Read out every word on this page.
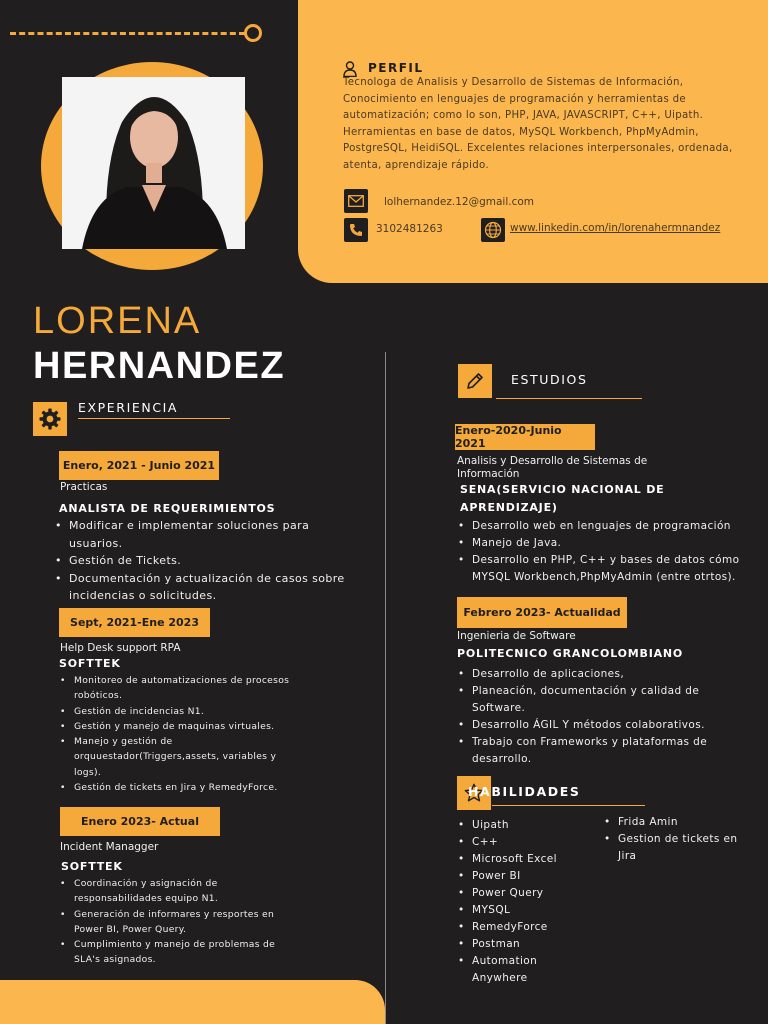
PERFIL
Tecnologa de Analisis y Desarrollo de Sistemas de Información, Conocimiento en lenguajes de programación y herramientas de automatización; como lo son, PHP, JAVA, JAVASCRIPT, C++, Uipath. Herramientas en base de datos, MySQL Workbench, PhpMyAdmin, PostgreSQL, HeidiSQL. Excelentes relaciones interpersonales, ordenada, atenta, aprendizaje rápido.
lolhernandez.12@gmail.com
3102481263	www.linkedin.com/in/lorenahermnandez
LORENA
HERNANDEZ
EXPERIENCIA
Enero, 2021 - Junio 2021
Practicas
ANALISTA DE REQUERIMIENTOS
• Modificar e implementar soluciones para usuarios.
• Gestión de Tickets.
• Documentación y actualización de casos sobre incidencias o solicitudes.
Sept, 2021-Ene 2023
Help Desk support RPA
SOFTTEK
• Monitoreo de automatizaciones de procesos robóticos.
• Gestión de incidencias N1.
• Gestión y manejo de maquinas virtuales.
• Manejo y gestión de orquuestador(Triggers,assets, variables y logs).
• Gestión de tickets en Jira y RemedyForce.
Enero 2023- Actual
Incident Managger
SOFTTEK
• Coordinación y asignación de responsabilidades equipo N1.
• Generación de informares y resportes en Power BI, Power Query.
• Cumplimiento y manejo de problemas de SLA's asignados.
ESTUDIOS
Enero-2020-Junio 2021
Analisis y Desarrollo de Sistemas de Información
SENA(SERVICIO NACIONAL DE APRENDIZAJE)
• Desarrollo web en lenguajes de programación
• Manejo de Java.
• Desarrollo en PHP, C++ y bases de datos cómo MYSQL Workbench,PhpMyAdmin (entre otrtos).
Febrero 2023- Actualidad
Ingenieria de Software
POLITECNICO GRANCOLOMBIANO
• Desarrollo de aplicaciones,
• Planeación, documentación y calidad de Software.
• Desarrollo ÁGIL Y métodos colaborativos.
• Trabajo con Frameworks y plataformas de desarrollo.
HABILIDADES
• Uipath
• C++
• Microsoft Excel
• Power BI
• Power Query
• MYSQL
• RemedyForce
• Postman
• Automation Anywhere
• Frida Amin
• Gestion de tickets en Jira
